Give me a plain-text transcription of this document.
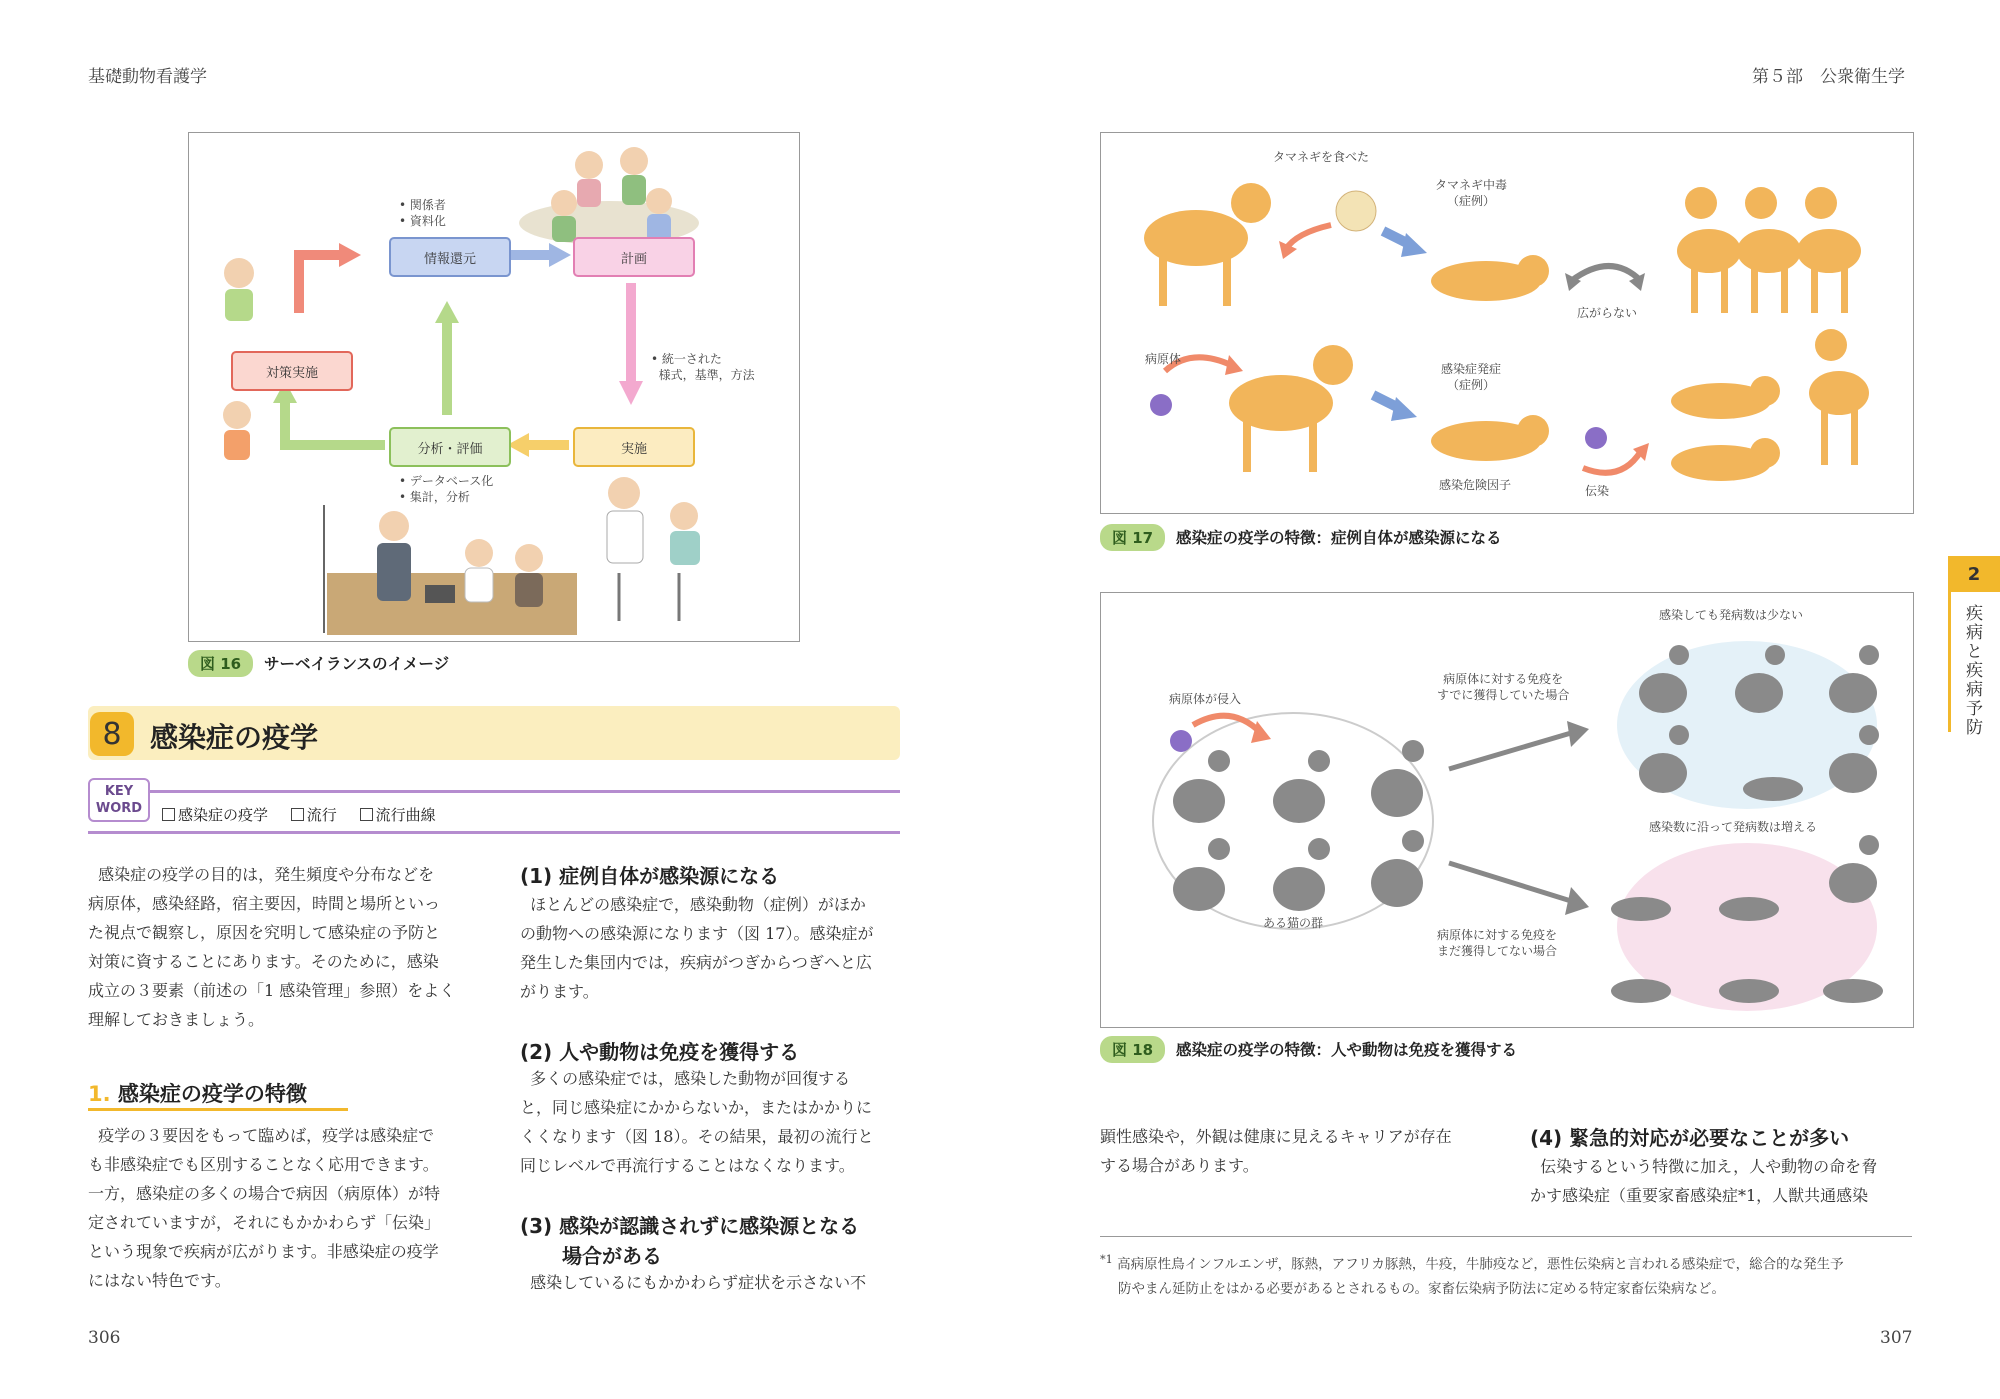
基礎動物看護学	第５部　公衆衛生学
306	307
2
疾病と疾病予防
情報還元	計画
対策実施
分析・評価	実施
• 関係者
• 資料化
• 統一された
様式，基準，方法
• データベース化
• 集計，分析
図 16	サーベイランスのイメージ
8	感染症の疫学
KEY
WORD	感染症の疫学	流行	流行曲線

感染症の疫学の目的は，発生頻度や分布などを

病原体，感染経路，宿主要因，時間と場所といっ

た視点で観察し，原因を究明して感染症の予防と

対策に資することにあります。そのために，感染

成立の３要素（前述の「1 感染管理」参照）をよく

理解しておきましょう。

1. 感染症の疫学の特徴

疫学の３要因をもって臨めば，疫学は感染症で

も非感染症でも区別することなく応用できます。

一方，感染症の多くの場合で病因（病原体）が特

定されていますが，それにもかかわらず「伝染」

という現象で疾病が広がります。非感染症の疫学

にはない特色です。

(1) 症例自体が感染源になる

ほとんどの感染症で，感染動物（症例）がほか

の動物への感染源になります（図 17）。感染症が

発生した集団内では，疾病がつぎからつぎへと広

がります。

(2) 人や動物は免疫を獲得する

多くの感染症では，感染した動物が回復する

と，同じ感染症にかからないか，またはかかりに

くくなります（図 18）。その結果，最初の流行と

同じレベルで再流行することはなくなります。

(3) 感染が認識されずに感染源となる
場合がある

感染しているにもかかわらず症状を示さない不

タマネギを食べた
タマネギ中毒
（症例）
広がらない
病原体
感染症発症
（症例）
感染危険因子	伝染
図 17	感染症の疫学の特徴：症例自体が感染源になる
病原体が侵入
ある猫の群
病原体に対する免疫を
すでに獲得していた場合
病原体に対する免疫を
まだ獲得してない場合
感染しても発病数は少ない
感染数に沿って発病数は増える
図 18	感染症の疫学の特徴：人や動物は免疫を獲得する

顕性感染や，外観は健康に見えるキャリアが存在

する場合があります。

(4) 緊急的対応が必要なことが多い

伝染するという特徴に加え，人や動物の命を脅

かす感染症（重要家畜感染症*1，人獣共通感染

$^{*1}$ 高病原性鳥インフルエンザ，豚熱，アフリカ豚熱，牛疫，牛肺疫など，悪性伝染病と言われる感染症で，総合的な発生予
防やまん延防止をはかる必要があるとされるもの。家畜伝染病予防法に定める特定家畜伝染病など。
